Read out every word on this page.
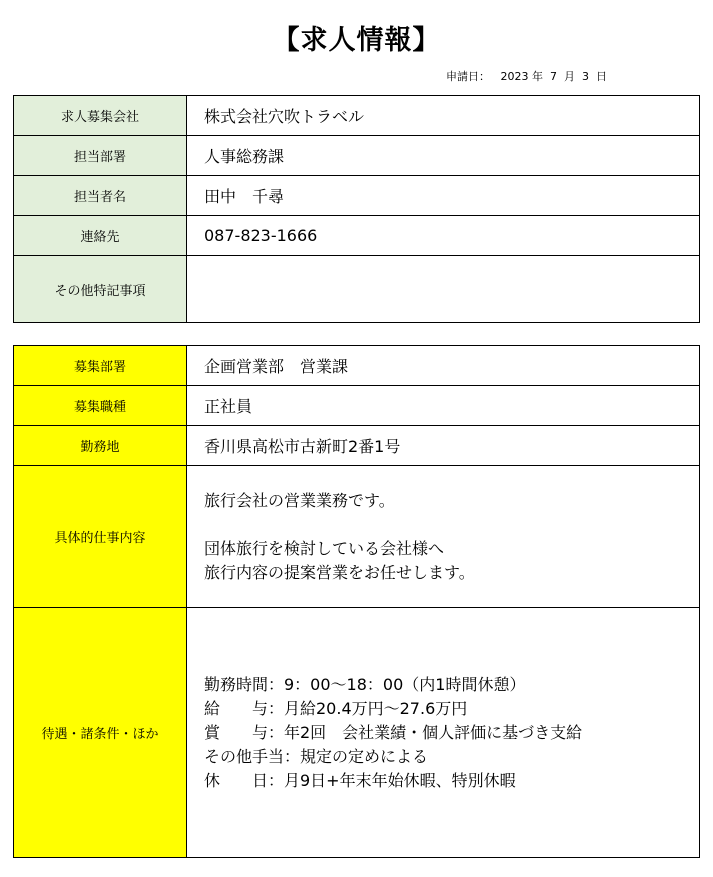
【求人情報】
申請日： 2023 年 7 月 3 日
求人募集会社	株式会社穴吹トラベル
担当部署	人事総務課
担当者名	田中　千尋
連絡先	087-823-1666
その他特記事項	
募集部署	企画営業部　営業課
募集職種	正社員
勤務地	香川県高松市古新町2番1号
具体的仕事内容	旅行会社の営業業務です。

団体旅行を検討している会社様へ
旅行内容の提案営業をお任せします。

待遇・諸条件・ほか	勤務時間：9：00～18：00（内1時間休憩）
給　　与：月給20.4万円～27.6万円
賞　　与：年2回　会社業績・個人評価に基づき支給
その他手当：規定の定めによる
休　　日：月9日+年末年始休暇、特別休暇
